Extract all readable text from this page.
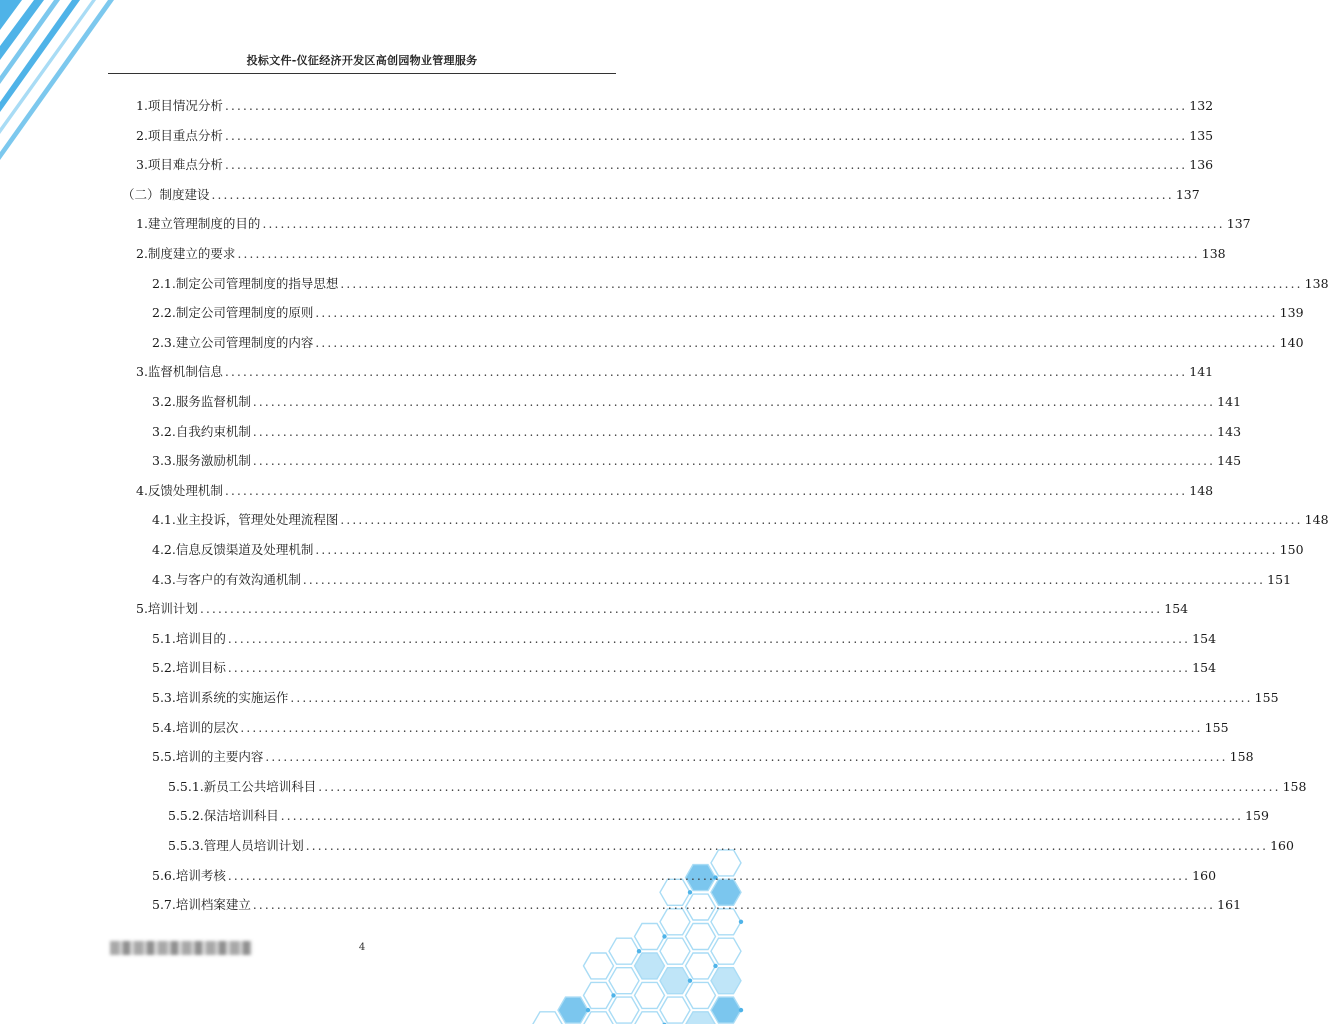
投标文件-仪征经济开发区高创园物业管理服务
1.项目情况分析 ................................................................................................................................................................ 132
2.项目重点分析 ................................................................................................................................................................ 135
3.项目难点分析 ................................................................................................................................................................ 136
（二）制度建设 ................................................................................................................................................................ 137
1.建立管理制度的目的 ................................................................................................................................................................ 137
2.制度建立的要求 ................................................................................................................................................................ 138
2.1.制定公司管理制度的指导思想 ................................................................................................................................................................ 138
2.2.制定公司管理制度的原则 ................................................................................................................................................................ 139
2.3.建立公司管理制度的内容 ................................................................................................................................................................ 140
3.监督机制信息 ................................................................................................................................................................ 141
3.2.服务监督机制 ................................................................................................................................................................ 141
3.2.自我约束机制 ................................................................................................................................................................ 143
3.3.服务激励机制 ................................................................................................................................................................ 145
4.反馈处理机制 ................................................................................................................................................................ 148
4.1.业主投诉，管理处处理流程图 ................................................................................................................................................................ 148
4.2.信息反馈渠道及处理机制 ................................................................................................................................................................ 150
4.3.与客户的有效沟通机制 ................................................................................................................................................................ 151
5.培训计划 ................................................................................................................................................................ 154
5.1.培训目的 ................................................................................................................................................................ 154
5.2.培训目标 ................................................................................................................................................................ 154
5.3.培训系统的实施运作 ................................................................................................................................................................ 155
5.4.培训的层次 ................................................................................................................................................................ 155
5.5.培训的主要内容 ................................................................................................................................................................ 158
5.5.1.新员工公共培训科目 ................................................................................................................................................................ 158
5.5.2.保洁培训科目 ................................................................................................................................................................ 159
5.5.3.管理人员培训计划 ................................................................................................................................................................ 160
5.6.培训考核 ................................................................................................................................................................ 160
5.7.培训档案建立 ................................................................................................................................................................ 161
4
